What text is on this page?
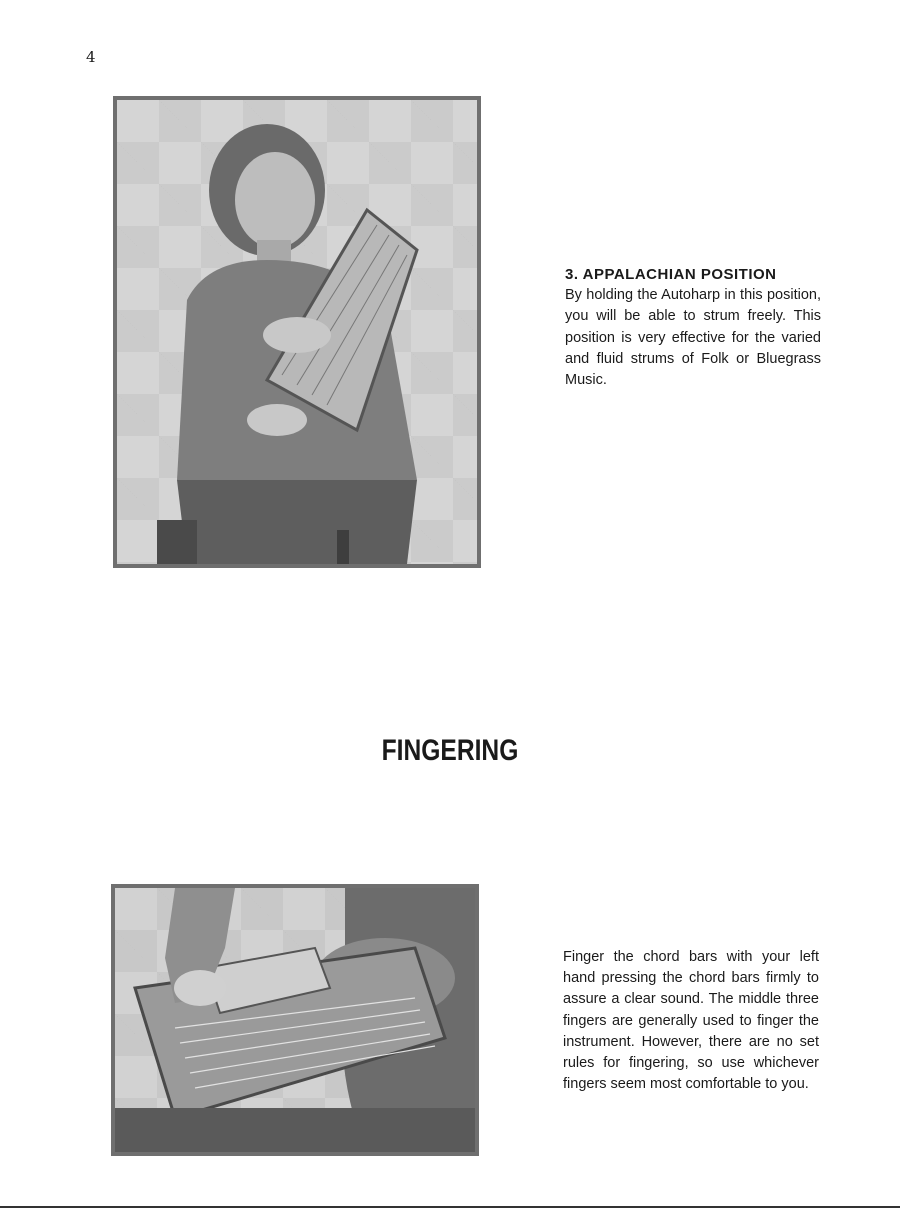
4
3. APPALACHIAN POSITION
By holding the Autoharp in this position, you will be able to strum freely. This position is very effective for the varied and fluid strums of Folk or Bluegrass Music.
FINGERING
Finger the chord bars with your left hand pressing the chord bars firmly to assure a clear sound. The middle three fingers are generally used to finger the instrument. However, there are no set rules for fingering, so use whichever fingers seem most comfortable to you.
